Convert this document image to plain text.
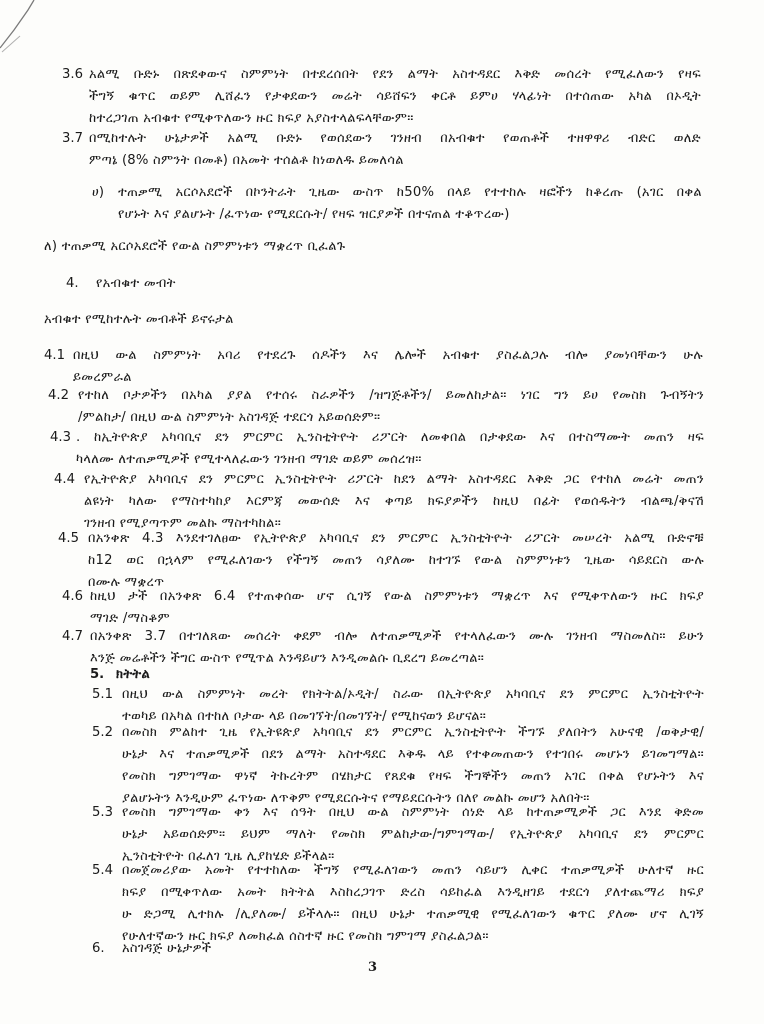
3.6 አልሚ ቡድኑ በጽደቀውና ስምምነት በተደረሰበት የደን ልማት አስተዳደር እቅድ መሰረት የሚፈለውን የዛፍ
ችግኝ ቁጥር ወይም ሊሸፈን የታቀደውን መሬት ሳይሸፍን ቀርቶ ይምሀ ሃላፊነት በተሰጠው አካል በኦዲት
ከተረጋገጠ አብቁተ የሚቀጥለውን ዙር ክፍያ አያስተላልፍላቸውም።
3.7 በሚከተሉት ሁኔታዎች አልሚ ቡድኑ የወሰደውን ገንዘብ በአብቁተ የወጠቶች ተዘዋዋሪ ብድር ወለድ
ምጣኔ (8% ስምንት በመቶ) በአመት ተሰልቶ ከነወለዱ ይመለሳል
ሀ) ተጠቃሚ አርሶአደሮች በኮንትራት ጊዜው ውስጥ ከ50% በላይ የተተከሉ ዛፎችን ከቆረጡ (አገር በቀል
የሆኑት እና ያልሆኑት /ፈጥነው የሚደርሱት/ የዛፍ ዝርያዎች በተናጠል ተቆጥረው)
ለ) ተጠቃሚ አርሶአደሮች የውል ስምምነቱን ማቋረጥ ቢፈልጉ
4. የአብቁተ መብት
አብቁተ የሚከተሉት መብቶች ይኖሩታል
4.1 በዚህ ውል ስምምነት አባሪ የተደረጉ ሰዶችን እና ሌሎች አብቁተ ያስፈልጋሉ ብሎ ያመነባቸውን ሁሉ
ይመረምራል
4.2 የተከለ ቦታዎችን በአካል ያያል የተሰሩ ስራዎችን /ዝግጅቶችን/ ይመለከታል። ነገር ግን ይሀ የመስክ ጉብኝትን
/ምልከታ/ በዚህ ውል ስምምነት አስገዳጅ ተደርጎ አይወሰድም።
4.3 . ከኢትዮጵያ አካባቢና ደን ምርምር ኢንስቲትዮት ሪፖርት ለመቀበል በታቀደው እና በተስማሙት መጠን ዛፍ
ካላለሙ ለተጠቃሚዎች የሚተላለፈውን ገንዘብ ማገድ ወይም መሰረዝ።
4.4 የኢትዮጵያ አካባቢና ደን ምርምር ኢንስቲትዮት ሪፖርት ከደን ልማት አስተዳደር እቅድ ጋር የተከለ መሬት መጠን
ልዩነት ካለው የማስተካከያ እርምጃ መውሰድ እና ቀጣይ ክፍያዎችን ከዚህ በፊት የወሰዱትን ብልጫ/ቅናሽ
ገንዘብ የሚያጣጥም መልኩ ማስተካከል።
4.5 በአንቀጽ 4.3 እንደተገለፀው የኢትዮጵያ አካባቢና ደን ምርምር ኢንስቲትዮት ሪፖርት መሠረት አልሚ ቡድኖቹ
ከ12 ወር በኋላም የሚፈለገውን የችግኝ መጠን ሳያለሙ ከተገኙ የውል ስምምነቱን ጊዜው ሳይደርስ ውሉ
በሙሉ ማቋረጥ
4.6 ከዚህ ታች በአንቀጽ 6.4 የተጠቀሰው ሆኖ ሲገኝ የውል ስምምነቱን ማቋረጥ እና የሚቀጥለውን ዙር ክፍያ
ማገድ /ማስቆም
4.7 በአንቀጽ 3.7 በተገለጸው መሰረት ቀደም ብሎ ለተጠቃሚዎች የተላለፈውን ሙሉ ገንዘብ ማስመለስ። ይሁን
እንጅ መሬቶችን ችግር ውስጥ የሚጥል እንዳይሆን እንዲመልሱ ቢደረግ ይመረጣል።
5. ክትትል
5.1 በዚህ ውል ስምምነት መረት የክትትል/ኦዲት/ ስራው በኢትዮጵያ አካባቢና ደን ምርምር ኢንስቲትዮት
ተወካይ በአካል በተከለ ቦታው ላይ በመገኘት/በመገኘት/ የሚከናወን ይሆናል።
5.2 በመስክ ምልከተ ጊዜ የኢትዩጵያ አካባቢና ደን ምርምር ኢንስቲትዮት ችግኙ ያለበትን አሁናዊ /ወቅታዊ/
ሁኔታ እና ተጠቃሚዎች በደን ልማት አስተዳደር እቅዱ ላይ የተቀመጠውን የተገበሩ መሆኑን ይገመግማል።
የመስክ ግምገማው ዋነኛ ትኩረትም በሄክታር የጸደቁ የዛፍ ችግኞችን መጠን አገር በቀል የሆኑትን እና
ያልሆኑትን እንዲሁም ፈጥነው ለጥቅም የሚደርሱትና የማይደርሱትን በለየ መልኩ መሆን አለበት።
5.3 የመስክ ግምገማው ቀን እና ሰዓት በዚህ ውል ስምምነት ሰነድ ላይ ከተጠቃሚዎች ጋር እንደ ቅድመ
ሁኔታ አይወሰድም። ይህም ማለት የመስክ ምልከታው/ግምገማው/ የኢትዮጵያ አካባቢና ደን ምርምር
ኢንስቲትዮት በፈለገ ጊዜ ሊያከሄድ ይችላል።
5.4 በመጀመሪያው አመት የተተከለው ችግኝ የሚፈለገውን መጠን ሳይሆን ሊቀር ተጠቃሚዎች ሁለተኛ ዙር
ክፍያ በሚቀጥለው አመት ክትትል እስከረጋገጥ ድረስ ሳይከፈል እንዲዘገይ ተደርጎ ያለተጨማሪ ክፍያ
ሁ ድጋሚ ሊተክሉ /ሊያለሙ/ ይችላሉ። በዚህ ሁኔታ ተጠቃሚዊ የሚፈለገውን ቁጥር ያለሙ ሆኖ ሊገኝ
የሁለተኛውን ዙር ክፍያ ለመክፈል ሰስተኛ ዙር የመስክ ግምገማ ያስፈልጋል።
6. አስገዳጅ ሁኔታዎች
3
